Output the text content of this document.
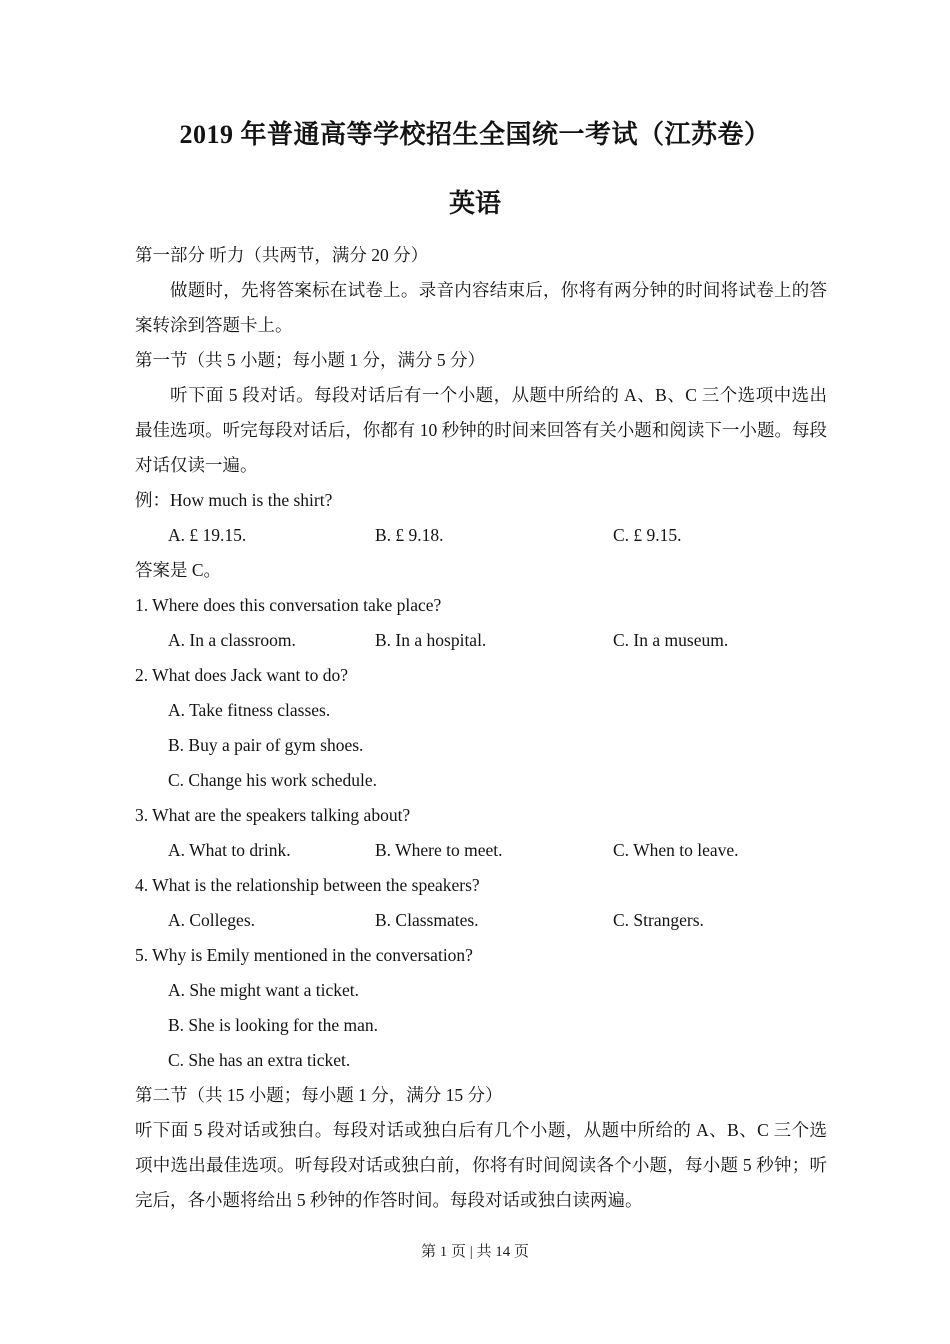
2019 年普通高等学校招生全国统一考试（江苏卷）
英语

第一部分 听力（共两节，满分 20 分）

做题时，先将答案标在试卷上。录音内容结束后，你将有两分钟的时间将试卷上的答案转涂到答题卡上。

第一节（共 5 小题；每小题 1 分，满分 5 分）

听下面 5 段对话。每段对话后有一个小题，从题中所给的 A、B、C 三个选项中选出最佳选项。听完每段对话后，你都有 10 秒钟的时间来回答有关小题和阅读下一小题。每段对话仅读一遍。

例：How much is the shirt?

A. £ 19.15.	B. £ 9.18.	C. £ 9.15.

答案是 C。

1. Where does this conversation take place?

A. In a classroom.	B. In a hospital.	C. In a museum.

2. What does Jack want to do?

A. Take fitness classes.

B. Buy a pair of gym shoes.

C. Change his work schedule.

3. What are the speakers talking about?

A. What to drink.	B. Where to meet.	C. When to leave.

4. What is the relationship between the speakers?

A. Colleges.	B. Classmates.	C. Strangers.

5. Why is Emily mentioned in the conversation?

A. She might want a ticket.

B. She is looking for the man.

C. She has an extra ticket.

第二节（共 15 小题；每小题 1 分，满分 15 分）

听下面 5 段对话或独白。每段对话或独白后有几个小题，从题中所给的 A、B、C 三个选项中选出最佳选项。听每段对话或独白前，你将有时间阅读各个小题，每小题 5 秒钟；听完后，各小题将给出 5 秒钟的作答时间。每段对话或独白读两遍。

第 1 页 | 共 14 页
